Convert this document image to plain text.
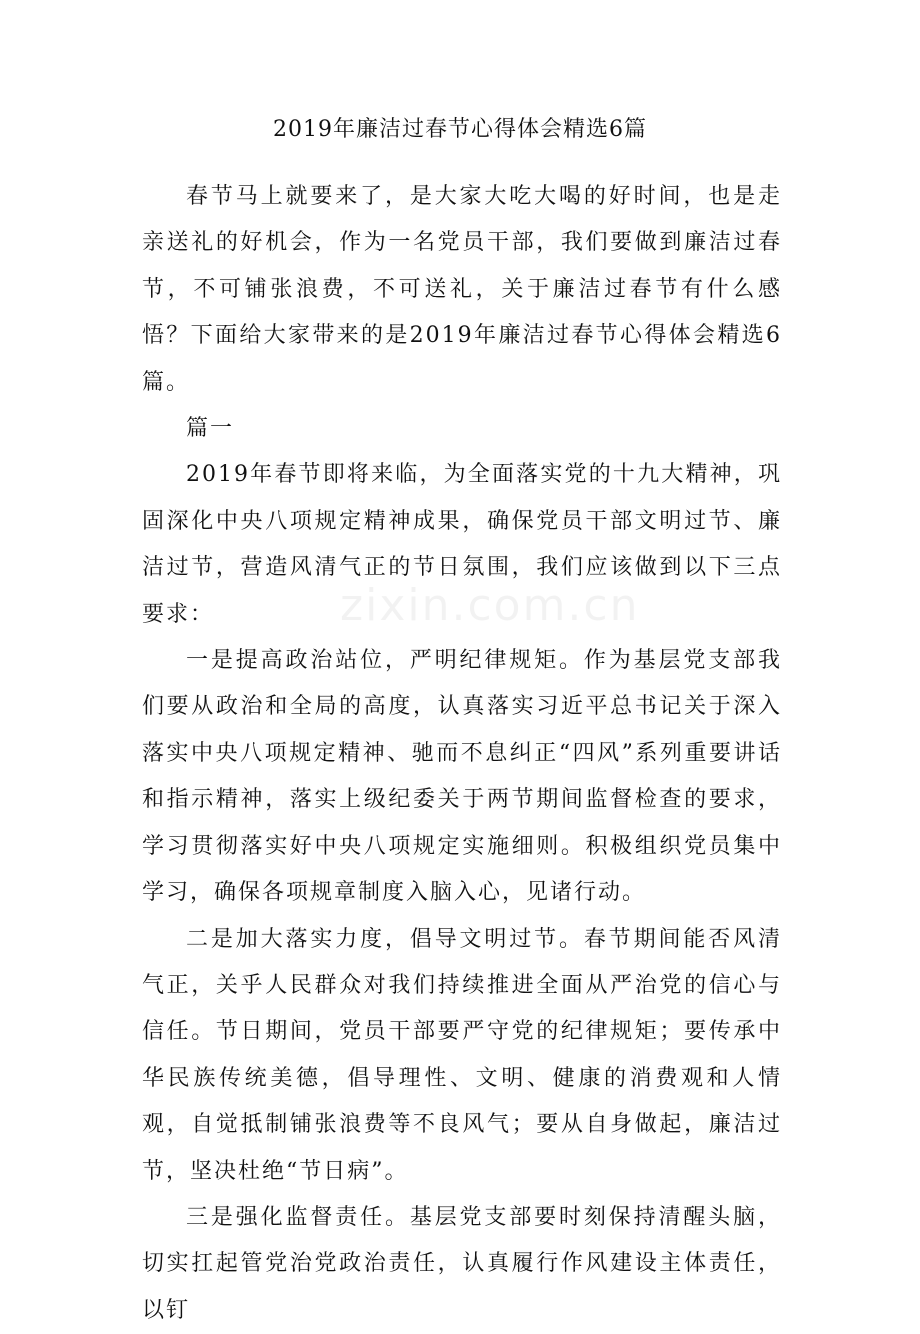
2019年廉洁过春节心得体会精选6篇

春节马上就要来了，是大家大吃大喝的好时间，也是走亲送礼的好机会，作为一名党员干部，我们要做到廉洁过春节，不可铺张浪费，不可送礼，关于廉洁过春节有什么感悟？下面给大家带来的是2019年廉洁过春节心得体会精选6篇。

篇一

2019年春节即将来临，为全面落实党的十九大精神，巩固深化中央八项规定精神成果，确保党员干部文明过节、廉洁过节，营造风清气正的节日氛围，我们应该做到以下三点要求：

一是提高政治站位，严明纪律规矩。作为基层党支部我们要从政治和全局的高度，认真落实习近平总书记关于深入落实中央八项规定精神、驰而不息纠正“四风”系列重要讲话和指示精神，落实上级纪委关于两节期间监督检查的要求，学习贯彻落实好中央八项规定实施细则。积极组织党员集中学习，确保各项规章制度入脑入心，见诸行动。

二是加大落实力度，倡导文明过节。春节期间能否风清气正，关乎人民群众对我们持续推进全面从严治党的信心与信任。节日期间，党员干部要严守党的纪律规矩；要传承中华民族传统美德，倡导理性、文明、健康的消费观和人情观，自觉抵制铺张浪费等不良风气；要从自身做起，廉洁过节，坚决杜绝“节日病”。

三是强化监督责任。基层党支部要时刻保持清醒头脑，切实扛起管党治党政治责任，认真履行作风建设主体责任，以钉

zixin.com.cn
